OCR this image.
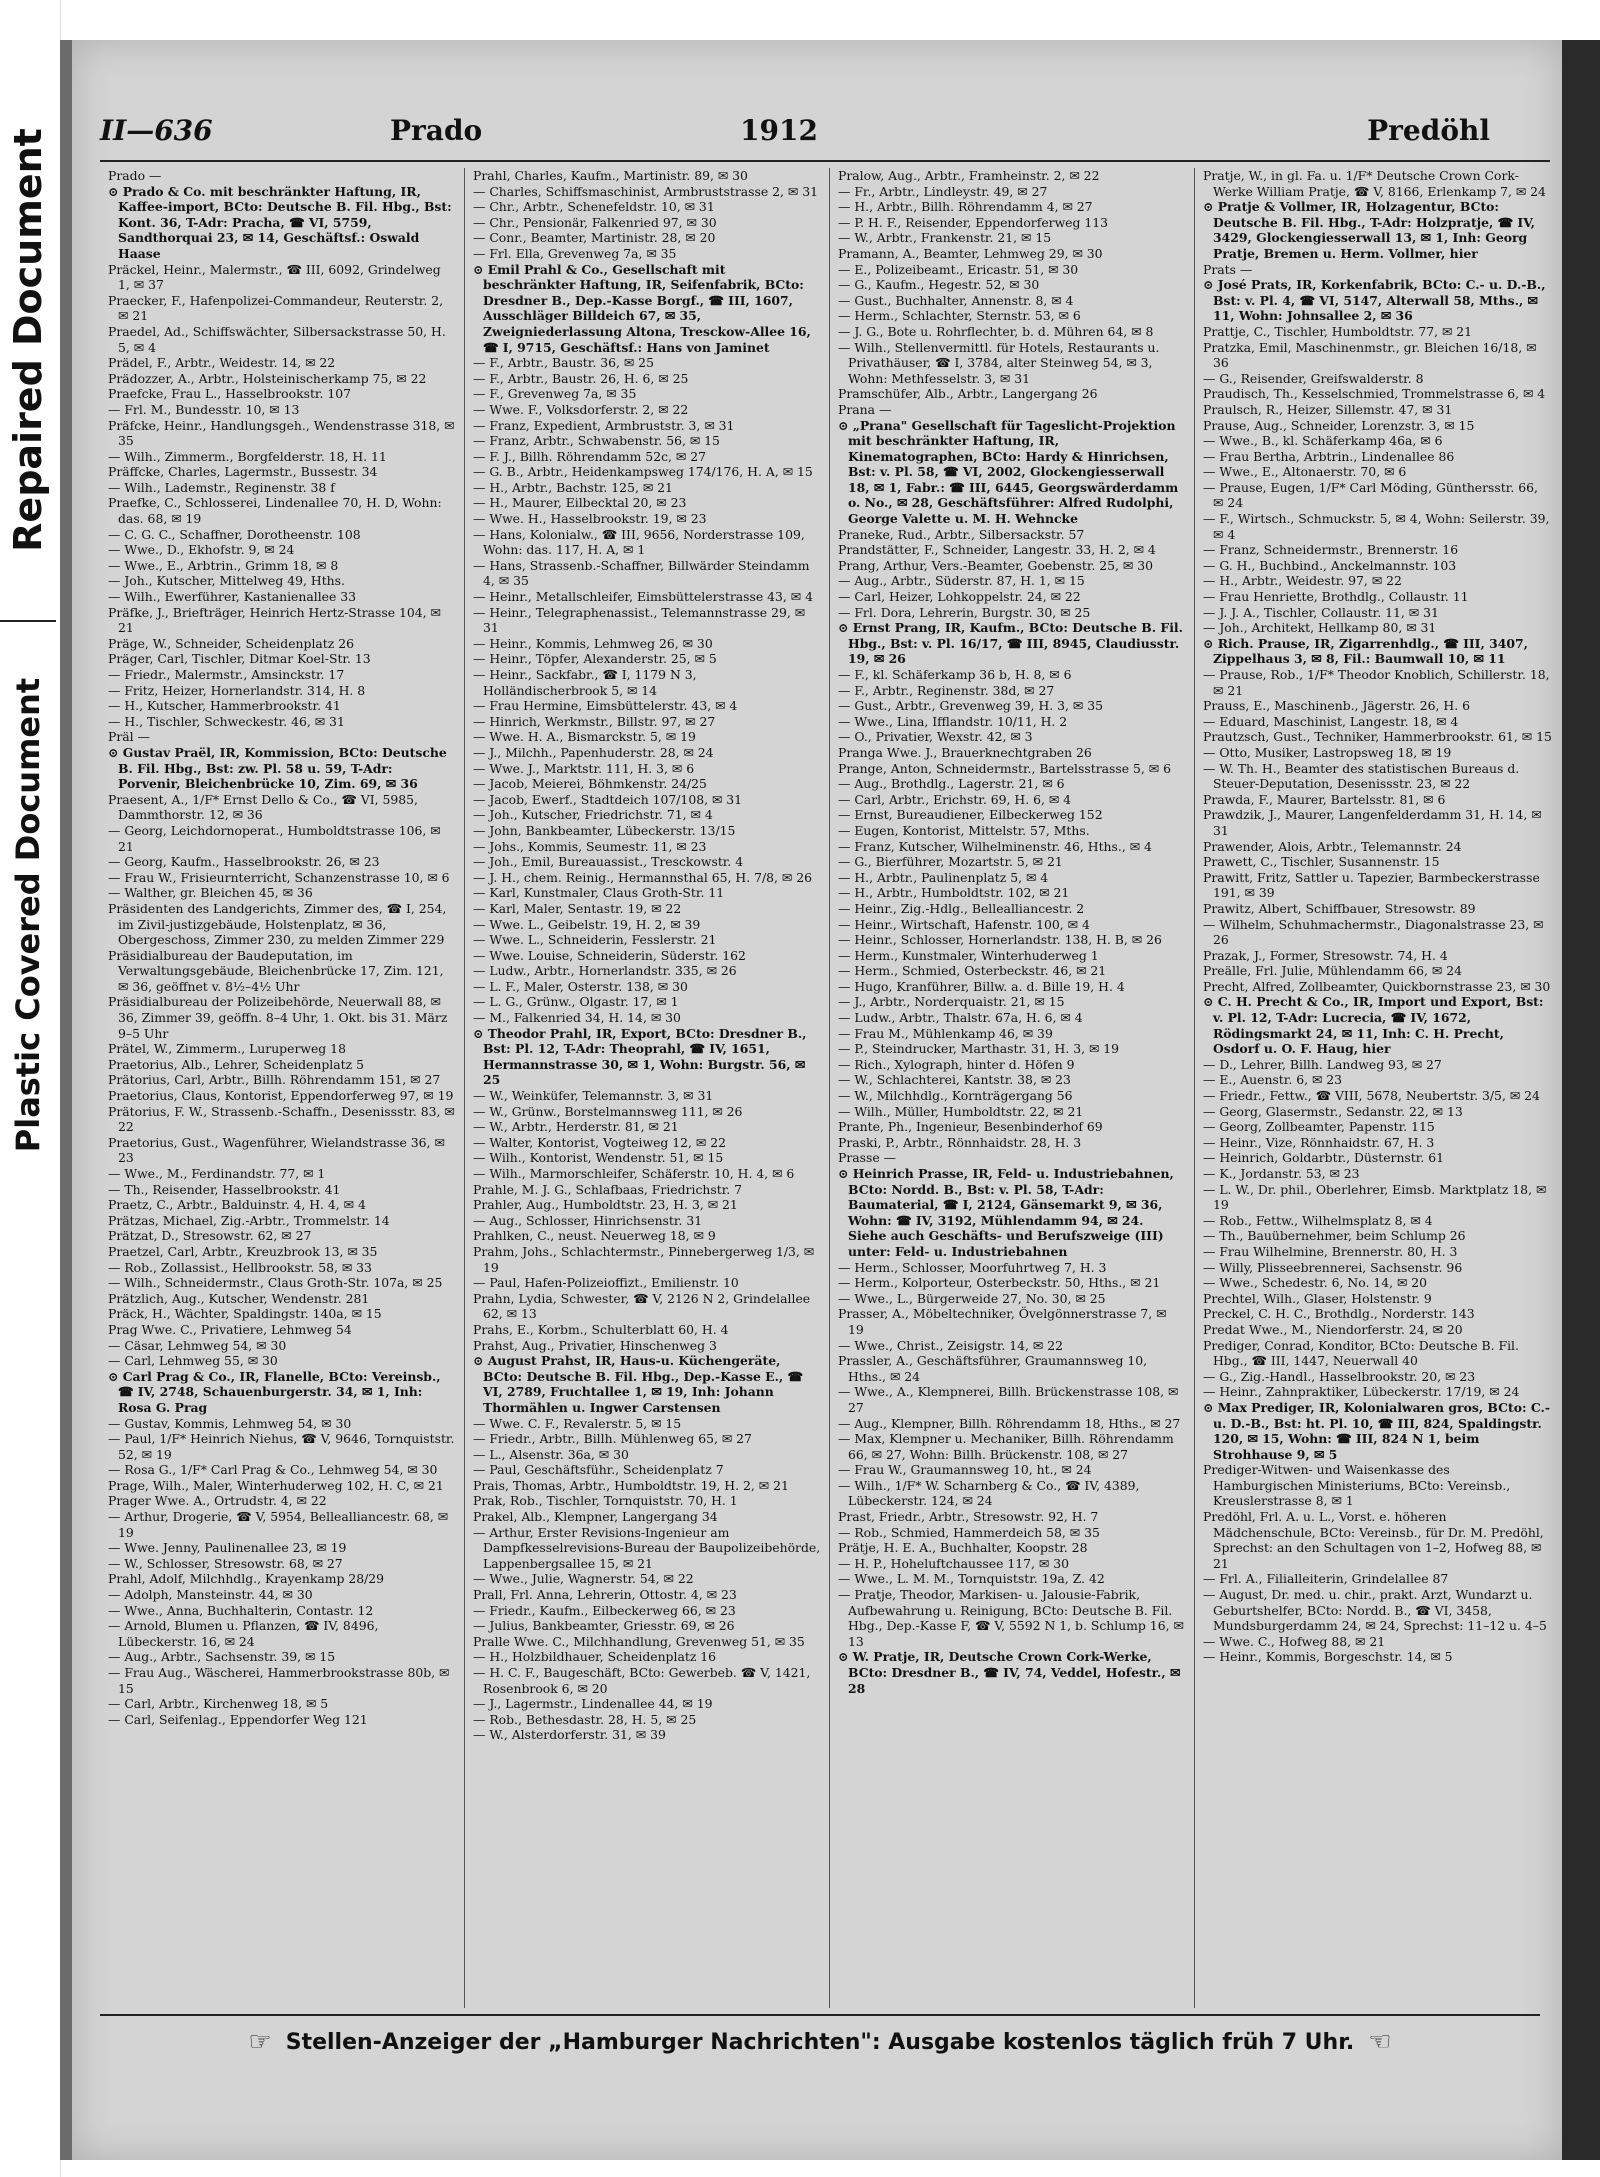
Repaired Document
Plastic Covered Document
II—636	Prado	1912	Predöhl

Prado —

⊙ Prado & Co. mit beschränkter Haftung, IR, Kaffee-import, BCto: Deutsche B. Fil. Hbg., Bst: Kont. 36, T-Adr: Pracha, ☎ VI, 5759, Sandthorquai 23, ✉ 14, Geschäftsf.: Oswald Haase

Präckel, Heinr., Malermstr., ☎ III, 6092, Grindelweg 1, ✉ 37

Praecker, F., Hafenpolizei-Commandeur, Reuterstr. 2, ✉ 21

Praedel, Ad., Schiffswächter, Silbersackstrasse 50, H. 5, ✉ 4

Prädel, F., Arbtr., Weidestr. 14, ✉ 22

Prädozzer, A., Arbtr., Holsteinischerkamp 75, ✉ 22

Praefcke, Frau L., Hasselbrookstr. 107

— Frl. M., Bundesstr. 10, ✉ 13

Präfcke, Heinr., Handlungsgeh., Wendenstrasse 318, ✉ 35

— Wilh., Zimmerm., Borgfelderstr. 18, H. 11

Präffcke, Charles, Lagermstr., Bussestr. 34

— Wilh., Lademstr., Reginenstr. 38 f

Praefke, C., Schlosserei, Lindenallee 70, H. D, Wohn: das. 68, ✉ 19

— C. G. C., Schaffner, Dorotheenstr. 108

— Wwe., D., Ekhofstr. 9, ✉ 24

— Wwe., E., Arbtrin., Grimm 18, ✉ 8

— Joh., Kutscher, Mittelweg 49, Hths.

— Wilh., Ewerführer, Kastanienallee 33

Präfke, J., Briefträger, Heinrich Hertz-Strasse 104, ✉ 21

Präge, W., Schneider, Scheidenplatz 26

Präger, Carl, Tischler, Ditmar Koel-Str. 13

— Friedr., Malermstr., Amsinckstr. 17

— Fritz, Heizer, Hornerlandstr. 314, H. 8

— H., Kutscher, Hammerbrookstr. 41

— H., Tischler, Schweckestr. 46, ✉ 31

Präl —

⊙ Gustav Praël, IR, Kommission, BCto: Deutsche B. Fil. Hbg., Bst: zw. Pl. 58 u. 59, T-Adr: Porvenir, Bleichenbrücke 10, Zim. 69, ✉ 36

Praesent, A., 1/F* Ernst Dello & Co., ☎ VI, 5985, Dammthorstr. 12, ✉ 36

— Georg, Leichdornoperat., Humboldtstrasse 106, ✉ 21

— Georg, Kaufm., Hasselbrookstr. 26, ✉ 23

— Frau W., Frisieurnterricht, Schanzenstrasse 10, ✉ 6

— Walther, gr. Bleichen 45, ✉ 36

Präsidenten des Landgerichts, Zimmer des, ☎ I, 254, im Zivil-justizgebäude, Holstenplatz, ✉ 36, Obergeschoss, Zimmer 230, zu melden Zimmer 229

Präsidialbureau der Baudeputation, im Verwaltungsgebäude, Bleichenbrücke 17, Zim. 121, ✉ 36, geöffnet v. 8½–4½ Uhr

Präsidialbureau der Polizeibehörde, Neuerwall 88, ✉ 36, Zimmer 39, geöffn. 8–4 Uhr, 1. Okt. bis 31. März 9–5 Uhr

Prätel, W., Zimmerm., Luruperweg 18

Praetorius, Alb., Lehrer, Scheidenplatz 5

Prätorius, Carl, Arbtr., Billh. Röhrendamm 151, ✉ 27

Praetorius, Claus, Kontorist, Eppendorferweg 97, ✉ 19

Prätorius, F. W., Strassenb.-Schaffn., Desenissstr. 83, ✉ 22

Praetorius, Gust., Wagenführer, Wielandstrasse 36, ✉ 23

— Wwe., M., Ferdinandstr. 77, ✉ 1

— Th., Reisender, Hasselbrookstr. 41

Praetz, C., Arbtr., Balduinstr. 4, H. 4, ✉ 4

Prätzas, Michael, Zig.-Arbtr., Trommelstr. 14

Prätzat, D., Stresowstr. 62, ✉ 27

Praetzel, Carl, Arbtr., Kreuzbrook 13, ✉ 35

— Rob., Zollassist., Hellbrookstr. 58, ✉ 33

— Wilh., Schneidermstr., Claus Groth-Str. 107a, ✉ 25

Prätzlich, Aug., Kutscher, Wendenstr. 281

Präck, H., Wächter, Spaldingstr. 140a, ✉ 15

Prag Wwe. C., Privatiere, Lehmweg 54

— Cäsar, Lehmweg 54, ✉ 30

— Carl, Lehmweg 55, ✉ 30

⊙ Carl Prag & Co., IR, Flanelle, BCto: Vereinsb., ☎ IV, 2748, Schauenburgerstr. 34, ✉ 1, Inh: Rosa G. Prag

— Gustav, Kommis, Lehmweg 54, ✉ 30

— Paul, 1/F* Heinrich Niehus, ☎ V, 9646, Tornquiststr. 52, ✉ 19

— Rosa G., 1/F* Carl Prag & Co., Lehmweg 54, ✉ 30

Prage, Wilh., Maler, Winterhuderweg 102, H. C, ✉ 21

Prager Wwe. A., Ortrudstr. 4, ✉ 22

— Arthur, Drogerie, ☎ V, 5954, Bellealliancestr. 68, ✉ 19

— Wwe. Jenny, Paulinenallee 23, ✉ 19

— W., Schlosser, Stresowstr. 68, ✉ 27

Prahl, Adolf, Milchhdlg., Krayenkamp 28/29

— Adolph, Mansteinstr. 44, ✉ 30

— Wwe., Anna, Buchhalterin, Contastr. 12

— Arnold, Blumen u. Pflanzen, ☎ IV, 8496, Lübeckerstr. 16, ✉ 24

— Aug., Arbtr., Sachsenstr. 39, ✉ 15

— Frau Aug., Wäscherei, Hammerbrookstrasse 80b, ✉ 15

— Carl, Arbtr., Kirchenweg 18, ✉ 5

— Carl, Seifenlag., Eppendorfer Weg 121

Prahl, Charles, Kaufm., Martinistr. 89, ✉ 30

— Charles, Schiffsmaschinist, Armbruststrasse 2, ✉ 31

— Chr., Arbtr., Schenefeldstr. 10, ✉ 31

— Chr., Pensionär, Falkenried 97, ✉ 30

— Conr., Beamter, Martinistr. 28, ✉ 20

— Frl. Ella, Grevenweg 7a, ✉ 35

⊙ Emil Prahl & Co., Gesellschaft mit beschränkter Haftung, IR, Seifenfabrik, BCto: Dresdner B., Dep.-Kasse Borgf., ☎ III, 1607, Ausschläger Billdeich 67, ✉ 35, Zweigniederlassung Altona, Tresckow-Allee 16, ☎ I, 9715, Geschäftsf.: Hans von Jaminet

— F., Arbtr., Baustr. 36, ✉ 25

— F., Arbtr., Baustr. 26, H. 6, ✉ 25

— F., Grevenweg 7a, ✉ 35

— Wwe. F., Volksdorferstr. 2, ✉ 22

— Franz, Expedient, Armbruststr. 3, ✉ 31

— Franz, Arbtr., Schwabenstr. 56, ✉ 15

— F. J., Billh. Röhrendamm 52c, ✉ 27

— G. B., Arbtr., Heidenkampsweg 174/176, H. A, ✉ 15

— H., Arbtr., Bachstr. 125, ✉ 21

— H., Maurer, Eilbecktal 20, ✉ 23

— Wwe. H., Hasselbrookstr. 19, ✉ 23

— Hans, Kolonialw., ☎ III, 9656, Norderstrasse 109, Wohn: das. 117, H. A, ✉ 1

— Hans, Strassenb.-Schaffner, Billwärder Steindamm 4, ✉ 35

— Heinr., Metallschleifer, Eimsbüttelerstrasse 43, ✉ 4

— Heinr., Telegraphenassist., Telemannstrasse 29, ✉ 31

— Heinr., Kommis, Lehmweg 26, ✉ 30

— Heinr., Töpfer, Alexanderstr. 25, ✉ 5

— Heinr., Sackfabr., ☎ I, 1179 N 3, Holländischerbrook 5, ✉ 14

— Frau Hermine, Eimsbüttelerstr. 43, ✉ 4

— Hinrich, Werkmstr., Billstr. 97, ✉ 27

— Wwe. H. A., Bismarckstr. 5, ✉ 19

— J., Milchh., Papenhuderstr. 28, ✉ 24

— Wwe. J., Marktstr. 111, H. 3, ✉ 6

— Jacob, Meierei, Böhmkenstr. 24/25

— Jacob, Ewerf., Stadtdeich 107/108, ✉ 31

— Joh., Kutscher, Friedrichstr. 71, ✉ 4

— John, Bankbeamter, Lübeckerstr. 13/15

— Johs., Kommis, Seumestr. 11, ✉ 23

— Joh., Emil, Bureauassist., Tresckowstr. 4

— J. H., chem. Reinig., Hermannsthal 65, H. 7/8, ✉ 26

— Karl, Kunstmaler, Claus Groth-Str. 11

— Karl, Maler, Sentastr. 19, ✉ 22

— Wwe. L., Geibelstr. 19, H. 2, ✉ 39

— Wwe. L., Schneiderin, Fesslerstr. 21

— Wwe. Louise, Schneiderin, Süderstr. 162

— Ludw., Arbtr., Hornerlandstr. 335, ✉ 26

— L. F., Maler, Osterstr. 138, ✉ 30

— L. G., Grünw., Olgastr. 17, ✉ 1

— M., Falkenried 34, H. 14, ✉ 30

⊙ Theodor Prahl, IR, Export, BCto: Dresdner B., Bst: Pl. 12, T-Adr: Theoprahl, ☎ IV, 1651, Hermannstrasse 30, ✉ 1, Wohn: Burgstr. 56, ✉ 25

— W., Weinküfer, Telemannstr. 3, ✉ 31

— W., Grünw., Borstelmannsweg 111, ✉ 26

— W., Arbtr., Herderstr. 81, ✉ 21

— Walter, Kontorist, Vogteiweg 12, ✉ 22

— Wilh., Kontorist, Wendenstr. 51, ✉ 15

— Wilh., Marmorschleifer, Schäferstr. 10, H. 4, ✉ 6

Prahle, M. J. G., Schlafbaas, Friedrichstr. 7

Prahler, Aug., Humboldtstr. 23, H. 3, ✉ 21

— Aug., Schlosser, Hinrichsenstr. 31

Prahlken, C., neust. Neuerweg 18, ✉ 9

Prahm, Johs., Schlachtermstr., Pinnebergerweg 1/3, ✉ 19

— Paul, Hafen-Polizeioffizt., Emilienstr. 10

Prahn, Lydia, Schwester, ☎ V, 2126 N 2, Grindelallee 62, ✉ 13

Prahs, E., Korbm., Schulterblatt 60, H. 4

Prahst, Aug., Privatier, Hinschenweg 3

⊙ August Prahst, IR, Haus-u. Küchengeräte, BCto: Deutsche B. Fil. Hbg., Dep.-Kasse E., ☎ VI, 2789, Fruchtallee 1, ✉ 19, Inh: Johann Thormählen u. Ingwer Carstensen

— Wwe. C. F., Revalerstr. 5, ✉ 15

— Friedr., Arbtr., Billh. Mühlenweg 65, ✉ 27

— L., Alsenstr. 36a, ✉ 30

— Paul, Geschäftsführ., Scheidenplatz 7

Prais, Thomas, Arbtr., Humboldtstr. 19, H. 2, ✉ 21

Prak, Rob., Tischler, Tornquiststr. 70, H. 1

Prakel, Alb., Klempner, Langergang 34

— Arthur, Erster Revisions-Ingenieur am Dampfkesselrevisions-Bureau der Baupolizeibehörde, Lappenbergsallee 15, ✉ 21

— Wwe., Julie, Wagnerstr. 54, ✉ 22

Prall, Frl. Anna, Lehrerin, Ottostr. 4, ✉ 23

— Friedr., Kaufm., Eilbeckerweg 66, ✉ 23

— Julius, Bankbeamter, Griesstr. 69, ✉ 26

Pralle Wwe. C., Milchhandlung, Grevenweg 51, ✉ 35

— H., Holzbildhauer, Scheidenplatz 16

— H. C. F., Baugeschäft, BCto: Gewerbeb. ☎ V, 1421, Rosenbrook 6, ✉ 20

— J., Lagermstr., Lindenallee 44, ✉ 19

— Rob., Bethesdastr. 28, H. 5, ✉ 25

— W., Alsterdorferstr. 31, ✉ 39

Pralow, Aug., Arbtr., Framheinstr. 2, ✉ 22

— Fr., Arbtr., Lindleystr. 49, ✉ 27

— H., Arbtr., Billh. Röhrendamm 4, ✉ 27

— P. H. F., Reisender, Eppendorferweg 113

— W., Arbtr., Frankenstr. 21, ✉ 15

Pramann, A., Beamter, Lehmweg 29, ✉ 30

— E., Polizeibeamt., Ericastr. 51, ✉ 30

— G., Kaufm., Hegestr. 52, ✉ 30

— Gust., Buchhalter, Annenstr. 8, ✉ 4

— Herm., Schlachter, Sternstr. 53, ✉ 6

— J. G., Bote u. Rohrflechter, b. d. Mühren 64, ✉ 8

— Wilh., Stellenvermittl. für Hotels, Restaurants u. Privathäuser, ☎ I, 3784, alter Steinweg 54, ✉ 3, Wohn: Methfesselstr. 3, ✉ 31

Pramschüfer, Alb., Arbtr., Langergang 26

Prana —

⊙ „Prana" Gesellschaft für Tageslicht-Projektion mit beschränkter Haftung, IR, Kinematographen, BCto: Hardy & Hinrichsen, Bst: v. Pl. 58, ☎ VI, 2002, Glockengiesserwall 18, ✉ 1, Fabr.: ☎ III, 6445, Georgswärderdamm o. No., ✉ 28, Geschäftsführer: Alfred Rudolphi, George Valette u. M. H. Wehncke

Praneke, Rud., Arbtr., Silbersackstr. 57

Prandstätter, F., Schneider, Langestr. 33, H. 2, ✉ 4

Prang, Arthur, Vers.-Beamter, Goebenstr. 25, ✉ 30

— Aug., Arbtr., Süderstr. 87, H. 1, ✉ 15

— Carl, Heizer, Lohkoppelstr. 24, ✉ 22

— Frl. Dora, Lehrerin, Burgstr. 30, ✉ 25

⊙ Ernst Prang, IR, Kaufm., BCto: Deutsche B. Fil. Hbg., Bst: v. Pl. 16/17, ☎ III, 8945, Claudiusstr. 19, ✉ 26

— F., kl. Schäferkamp 36 b, H. 8, ✉ 6

— F., Arbtr., Reginenstr. 38d, ✉ 27

— Gust., Arbtr., Grevenweg 39, H. 3, ✉ 35

— Wwe., Lina, Ifflandstr. 10/11, H. 2

— O., Privatier, Wexstr. 42, ✉ 3

Pranga Wwe. J., Brauerknechtgraben 26

Prange, Anton, Schneidermstr., Bartelsstrasse 5, ✉ 6

— Aug., Brothdlg., Lagerstr. 21, ✉ 6

— Carl, Arbtr., Erichstr. 69, H. 6, ✉ 4

— Ernst, Bureaudiener, Eilbeckerweg 152

— Eugen, Kontorist, Mittelstr. 57, Mths.

— Franz, Kutscher, Wilhelminenstr. 46, Hths., ✉ 4

— G., Bierführer, Mozartstr. 5, ✉ 21

— H., Arbtr., Paulinenplatz 5, ✉ 4

— H., Arbtr., Humboldtstr. 102, ✉ 21

— Heinr., Zig.-Hdlg., Bellealliancestr. 2

— Heinr., Wirtschaft, Hafenstr. 100, ✉ 4

— Heinr., Schlosser, Hornerlandstr. 138, H. B, ✉ 26

— Herm., Kunstmaler, Winterhuderweg 1

— Herm., Schmied, Osterbeckstr. 46, ✉ 21

— Hugo, Kranführer, Billw. a. d. Bille 19, H. 4

— J., Arbtr., Norderquaistr. 21, ✉ 15

— Ludw., Arbtr., Thalstr. 67a, H. 6, ✉ 4

— Frau M., Mühlenkamp 46, ✉ 39

— P., Steindrucker, Marthastr. 31, H. 3, ✉ 19

— Rich., Xylograph, hinter d. Höfen 9

— W., Schlachterei, Kantstr. 38, ✉ 23

— W., Milchhdlg., Kornträgergang 56

— Wilh., Müller, Humboldtstr. 22, ✉ 21

Prante, Ph., Ingenieur, Besenbinderhof 69

Praski, P., Arbtr., Rönnhaidstr. 28, H. 3

Prasse —

⊙ Heinrich Prasse, IR, Feld- u. Industriebahnen, BCto: Nordd. B., Bst: v. Pl. 58, T-Adr: Baumaterial, ☎ I, 2124, Gänsemarkt 9, ✉ 36, Wohn: ☎ IV, 3192, Mühlendamm 94, ✉ 24. Siehe auch Geschäfts- und Berufszweige (III) unter: Feld- u. Industriebahnen

— Herm., Schlosser, Moorfuhrtweg 7, H. 3

— Herm., Kolporteur, Osterbeckstr. 50, Hths., ✉ 21

— Wwe., L., Bürgerweide 27, No. 30, ✉ 25

Prasser, A., Möbeltechniker, Övelgönnerstrasse 7, ✉ 19

— Wwe., Christ., Zeisigstr. 14, ✉ 22

Prassler, A., Geschäftsführer, Graumannsweg 10, Hths., ✉ 24

— Wwe., A., Klempnerei, Billh. Brückenstrasse 108, ✉ 27

— Aug., Klempner, Billh. Röhrendamm 18, Hths., ✉ 27

— Max, Klempner u. Mechaniker, Billh. Röhrendamm 66, ✉ 27, Wohn: Billh. Brückenstr. 108, ✉ 27

— Frau W., Graumannsweg 10, ht., ✉ 24

— Wilh., 1/F* W. Scharnberg & Co., ☎ IV, 4389, Lübeckerstr. 124, ✉ 24

Prast, Friedr., Arbtr., Stresowstr. 92, H. 7

— Rob., Schmied, Hammerdeich 58, ✉ 35

Prätje, H. E. A., Buchhalter, Koopstr. 28

— H. P., Hoheluftchaussee 117, ✉ 30

— Wwe., L. M. M., Tornquiststr. 19a, Z. 42

— Pratje, Theodor, Markisen- u. Jalousie-Fabrik, Aufbewahrung u. Reinigung, BCto: Deutsche B. Fil. Hbg., Dep.-Kasse F, ☎ V, 5592 N 1, b. Schlump 16, ✉ 13

⊙ W. Pratje, IR, Deutsche Crown Cork-Werke, BCto: Dresdner B., ☎ IV, 74, Veddel, Hofestr., ✉ 28

Pratje, W., in gl. Fa. u. 1/F* Deutsche Crown Cork-Werke William Pratje, ☎ V, 8166, Erlenkamp 7, ✉ 24

⊙ Pratje & Vollmer, IR, Holzagentur, BCto: Deutsche B. Fil. Hbg., T-Adr: Holzpratje, ☎ IV, 3429, Glockengiesserwall 13, ✉ 1, Inh: Georg Pratje, Bremen u. Herm. Vollmer, hier

Prats —

⊙ José Prats, IR, Korkenfabrik, BCto: C.- u. D.-B., Bst: v. Pl. 4, ☎ VI, 5147, Alterwall 58, Mths., ✉ 11, Wohn: Johnsallee 2, ✉ 36

Prattje, C., Tischler, Humboldtstr. 77, ✉ 21

Pratzka, Emil, Maschinenmstr., gr. Bleichen 16/18, ✉ 36

— G., Reisender, Greifswalderstr. 8

Praudisch, Th., Kesselschmied, Trommelstrasse 6, ✉ 4

Praulsch, R., Heizer, Sillemstr. 47, ✉ 31

Prause, Aug., Schneider, Lorenzstr. 3, ✉ 15

— Wwe., B., kl. Schäferkamp 46a, ✉ 6

— Frau Bertha, Arbtrin., Lindenallee 86

— Wwe., E., Altonaerstr. 70, ✉ 6

— Prause, Eugen, 1/F* Carl Möding, Günthersstr. 66, ✉ 24

— F., Wirtsch., Schmuckstr. 5, ✉ 4, Wohn: Seilerstr. 39, ✉ 4

— Franz, Schneidermstr., Brennerstr. 16

— G. H., Buchbind., Anckelmannstr. 103

— H., Arbtr., Weidestr. 97, ✉ 22

— Frau Henriette, Brothdlg., Collaustr. 11

— J. J. A., Tischler, Collaustr. 11, ✉ 31

— Joh., Architekt, Hellkamp 80, ✉ 31

⊙ Rich. Prause, IR, Zigarrenhdlg., ☎ III, 3407, Zippelhaus 3, ✉ 8, Fil.: Baumwall 10, ✉ 11

— Prause, Rob., 1/F* Theodor Knoblich, Schillerstr. 18, ✉ 21

Prauss, E., Maschinenb., Jägerstr. 26, H. 6

— Eduard, Maschinist, Langestr. 18, ✉ 4

Prautzsch, Gust., Techniker, Hammerbrookstr. 61, ✉ 15

— Otto, Musiker, Lastropsweg 18, ✉ 19

— W. Th. H., Beamter des statistischen Bureaus d. Steuer-Deputation, Desenissstr. 23, ✉ 22

Prawda, F., Maurer, Bartelsstr. 81, ✉ 6

Prawdzik, J., Maurer, Langenfelderdamm 31, H. 14, ✉ 31

Prawender, Alois, Arbtr., Telemannstr. 24

Prawett, C., Tischler, Susannenstr. 15

Prawitt, Fritz, Sattler u. Tapezier, Barmbeckerstrasse 191, ✉ 39

Prawitz, Albert, Schiffbauer, Stresowstr. 89

— Wilhelm, Schuhmachermstr., Diagonalstrasse 23, ✉ 26

Prazak, J., Former, Stresowstr. 74, H. 4

Preälle, Frl. Julie, Mühlendamm 66, ✉ 24

Precht, Alfred, Zollbeamter, Quickbornstrasse 23, ✉ 30

⊙ C. H. Precht & Co., IR, Import und Export, Bst: v. Pl. 12, T-Adr: Lucrecia, ☎ IV, 1672, Rödingsmarkt 24, ✉ 11, Inh: C. H. Precht, Osdorf u. O. F. Haug, hier

— D., Lehrer, Billh. Landweg 93, ✉ 27

— E., Auenstr. 6, ✉ 23

— Friedr., Fettw., ☎ VIII, 5678, Neubertstr. 3/5, ✉ 24

— Georg, Glasermstr., Sedanstr. 22, ✉ 13

— Georg, Zollbeamter, Papenstr. 115

— Heinr., Vize, Rönnhaidstr. 67, H. 3

— Heinrich, Goldarbtr., Düsternstr. 61

— K., Jordanstr. 53, ✉ 23

— L. W., Dr. phil., Oberlehrer, Eimsb. Marktplatz 18, ✉ 19

— Rob., Fettw., Wilhelmsplatz 8, ✉ 4

— Th., Bauübernehmer, beim Schlump 26

— Frau Wilhelmine, Brennerstr. 80, H. 3

— Willy, Plisseebrennerei, Sachsenstr. 96

— Wwe., Schedestr. 6, No. 14, ✉ 20

Prechtel, Wilh., Glaser, Holstenstr. 9

Preckel, C. H. C., Brothdlg., Norderstr. 143

Predat Wwe., M., Niendorferstr. 24, ✉ 20

Prediger, Conrad, Konditor, BCto: Deutsche B. Fil. Hbg., ☎ III, 1447, Neuerwall 40

— G., Zig.-Handl., Hasselbrookstr. 20, ✉ 23

— Heinr., Zahnpraktiker, Lübeckerstr. 17/19, ✉ 24

⊙ Max Prediger, IR, Kolonialwaren gros, BCto: C.- u. D.-B., Bst: ht. Pl. 10, ☎ III, 824, Spaldingstr. 120, ✉ 15, Wohn: ☎ III, 824 N 1, beim Strohhause 9, ✉ 5

Prediger-Witwen- und Waisenkasse des Hamburgischen Ministeriums, BCto: Vereinsb., Kreuslerstrasse 8, ✉ 1

Predöhl, Frl. A. u. L., Vorst. e. höheren Mädchenschule, BCto: Vereinsb., für Dr. M. Predöhl, Sprechst: an den Schultagen von 1–2, Hofweg 88, ✉ 21

— Frl. A., Filialleiterin, Grindelallee 87

— August, Dr. med. u. chir., prakt. Arzt, Wundarzt u. Geburtshelfer, BCto: Nordd. B., ☎ VI, 3458, Mundsburgerdamm 24, ✉ 24, Sprechst: 11–12 u. 4–5

— Wwe. C., Hofweg 88, ✉ 21

— Heinr., Kommis, Borgeschstr. 14, ✉ 5

☞ Stellen-Anzeiger der „Hamburger Nachrichten": Ausgabe kostenlos täglich früh 7 Uhr. ☜
